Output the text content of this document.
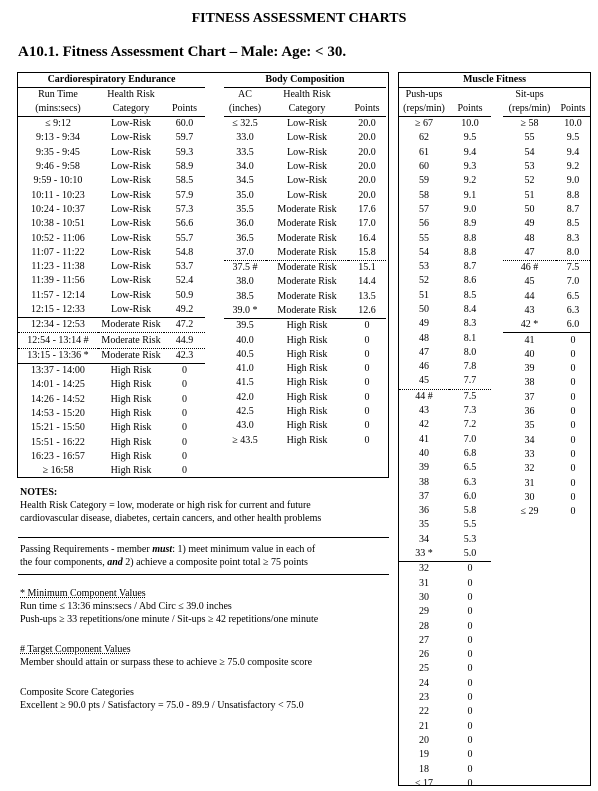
FITNESS ASSESSMENT CHARTS
A10.1. Fitness Assessment Chart – Male: Age: < 30.
Cardiorespiratory Endurance		
Run Time	Health Risk	
(mins:secs)	Category	Points
≤ 9:12	Low-Risk	60.0
9:13 - 9:34	Low-Risk	59.7
9:35 - 9:45	Low-Risk	59.3
9:46 - 9:58	Low-Risk	58.9
9:59 - 10:10	Low-Risk	58.5
10:11 - 10:23	Low-Risk	57.9
10:24 - 10:37	Low-Risk	57.3
10:38 - 10:51	Low-Risk	56.6
10:52 - 11:06	Low-Risk	55.7
11:07 - 11:22	Low-Risk	54.8
11:23 - 11:38	Low-Risk	53.7
11:39 - 11:56	Low-Risk	52.4
11:57 - 12:14	Low-Risk	50.9
12:15 - 12:33	Low-Risk	49.2
12:34 - 12:53	Moderate Risk	47.2
12:54 - 13:14 #	Moderate Risk	44.9
13:15 - 13:36 *	Moderate Risk	42.3
13:37 - 14:00	High Risk	0
14:01 - 14:25	High Risk	0
14:26 - 14:52	High Risk	0
14:53 - 15:20	High Risk	0
15:21 - 15:50	High Risk	0
15:51 - 16:22	High Risk	0
16:23 - 16:57	High Risk	0
≥ 16:58	High Risk	0
Body Composition		
AC	Health Risk	
(inches)	Category	Points
≤ 32.5	Low-Risk	20.0
33.0	Low-Risk	20.0
33.5	Low-Risk	20.0
34.0	Low-Risk	20.0
34.5	Low-Risk	20.0
35.0	Low-Risk	20.0
35.5	Moderate Risk	17.6
36.0	Moderate Risk	17.0
36.5	Moderate Risk	16.4
37.0	Moderate Risk	15.8
37.5 #	Moderate Risk	15.1
38.0	Moderate Risk	14.4
38.5	Moderate Risk	13.5
39.0 *	Moderate Risk	12.6
39.5	High Risk	0
40.0	High Risk	0
40.5	High Risk	0
41.0	High Risk	0
41.5	High Risk	0
42.0	High Risk	0
42.5	High Risk	0
43.0	High Risk	0
≥ 43.5	High Risk	0
Muscle Fitness
Push-ups	
(reps/min)	Points
≥ 67	10.0
62	9.5
61	9.4
60	9.3
59	9.2
58	9.1
57	9.0
56	8.9
55	8.8
54	8.8
53	8.7
52	8.6
51	8.5
50	8.4
49	8.3
48	8.1
47	8.0
46	7.8
45	7.7
44 #	7.5
43	7.3
42	7.2
41	7.0
40	6.8
39	6.5
38	6.3
37	6.0
36	5.8
35	5.5
34	5.3
33 *	5.0
32	0
31	0
30	0
29	0
28	0
27	0
26	0
25	0
24	0
23	0
22	0
21	0
20	0
19	0
18	0
≤ 17	0
Sit-ups	
(reps/min)	Points
≥ 58	10.0
55	9.5
54	9.4
53	9.2
52	9.0
51	8.8
50	8.7
49	8.5
48	8.3
47	8.0
46 #	7.5
45	7.0
44	6.5
43	6.3
42 *	6.0
41	0
40	0
39	0
38	0
37	0
36	0
35	0
34	0
33	0
32	0
31	0
30	0
≤ 29	0
NOTES:
Health Risk Category = low, moderate or high risk for current and future
cardiovascular disease, diabetes, certain cancers, and other health problems
Passing Requirements - member must: 1) meet minimum value in each of
the four components, and 2) achieve a composite point total ≥ 75 points
* Minimum Component Values
Run time ≤ 13:36 mins:secs / Abd Circ ≤ 39.0 inches
Push-ups ≥ 33 repetitions/one minute / Sit-ups ≥ 42 repetitions/one minute
# Target Component Values
Member should attain or surpass these to achieve ≥ 75.0 composite score
Composite Score Categories
Excellent ≥ 90.0 pts / Satisfactory = 75.0 - 89.9 / Unsatisfactory < 75.0
